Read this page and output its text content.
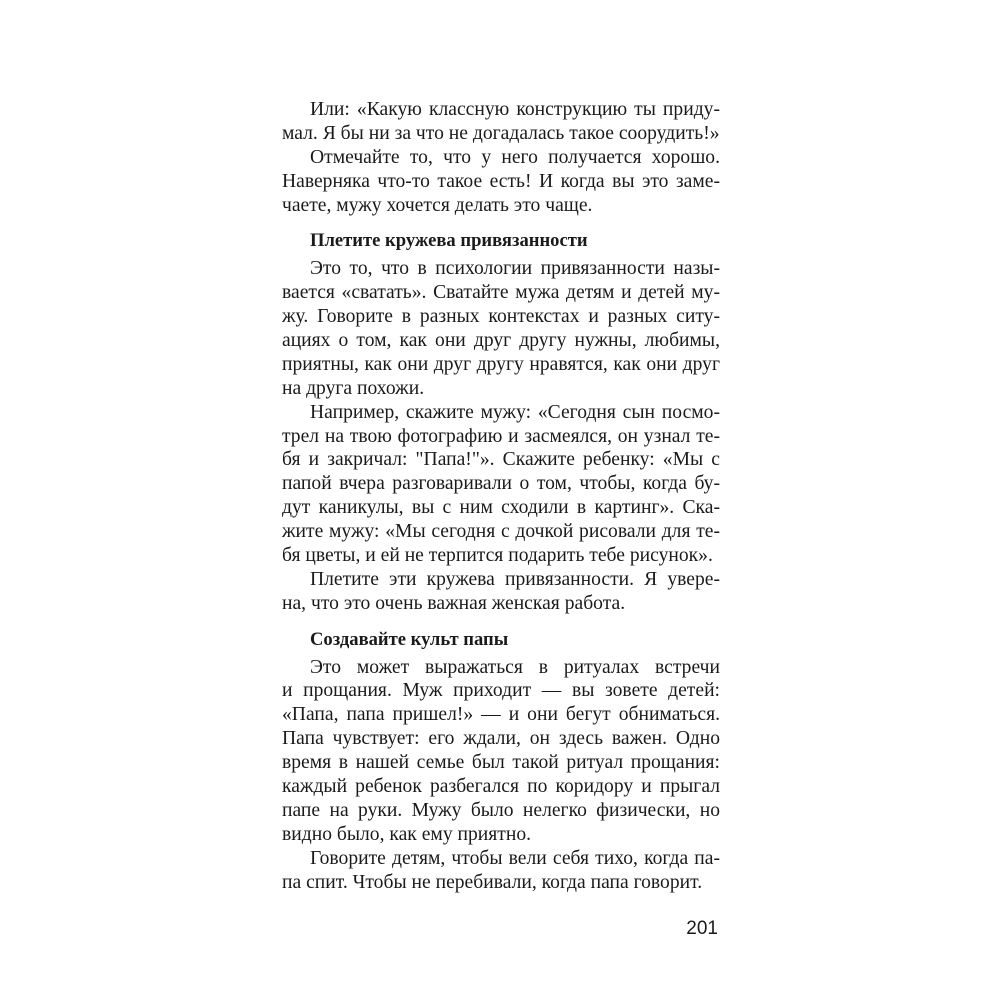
Или: «Какую классную конструкцию ты приду-
мал. Я бы ни за что не догадалась такое соорудить!»
Отмечайте то, что у него получается хорошо.
Наверняка что-то такое есть! И когда вы это заме-
чаете, мужу хочется делать это чаще.
Плетите кружева привязанности
Это то, что в психологии привязанности назы-
вается «сватать». Сватайте мужа детям и детей му-
жу. Говорите в разных контекстах и разных ситу-
ациях о том, как они друг другу нужны, любимы,
приятны, как они друг другу нравятся, как они друг
на друга похожи.
Например, скажите мужу: «Сегодня сын посмо-
трел на твою фотографию и засмеялся, он узнал те-
бя и закричал: "Папа!"». Скажите ребенку: «Мы с
папой вчера разговаривали о том, чтобы, когда бу-
дут каникулы, вы с ним сходили в картинг». Ска-
жите мужу: «Мы сегодня с дочкой рисовали для те-
бя цветы, и ей не терпится подарить тебе рисунок».
Плетите эти кружева привязанности. Я увере-
на, что это очень важная женская работа.
Создавайте культ папы
Это может выражаться в ритуалах встречи
и прощания. Муж приходит — вы зовете детей:
«Папа, папа пришел!» — и они бегут обниматься.
Папа чувствует: его ждали, он здесь важен. Одно
время в нашей семье был такой ритуал прощания:
каждый ребенок разбегался по коридору и прыгал
папе на руки. Мужу было нелегко физически, но
видно было, как ему приятно.
Говорите детям, чтобы вели себя тихо, когда па-
па спит. Чтобы не перебивали, когда папа говорит.
201
